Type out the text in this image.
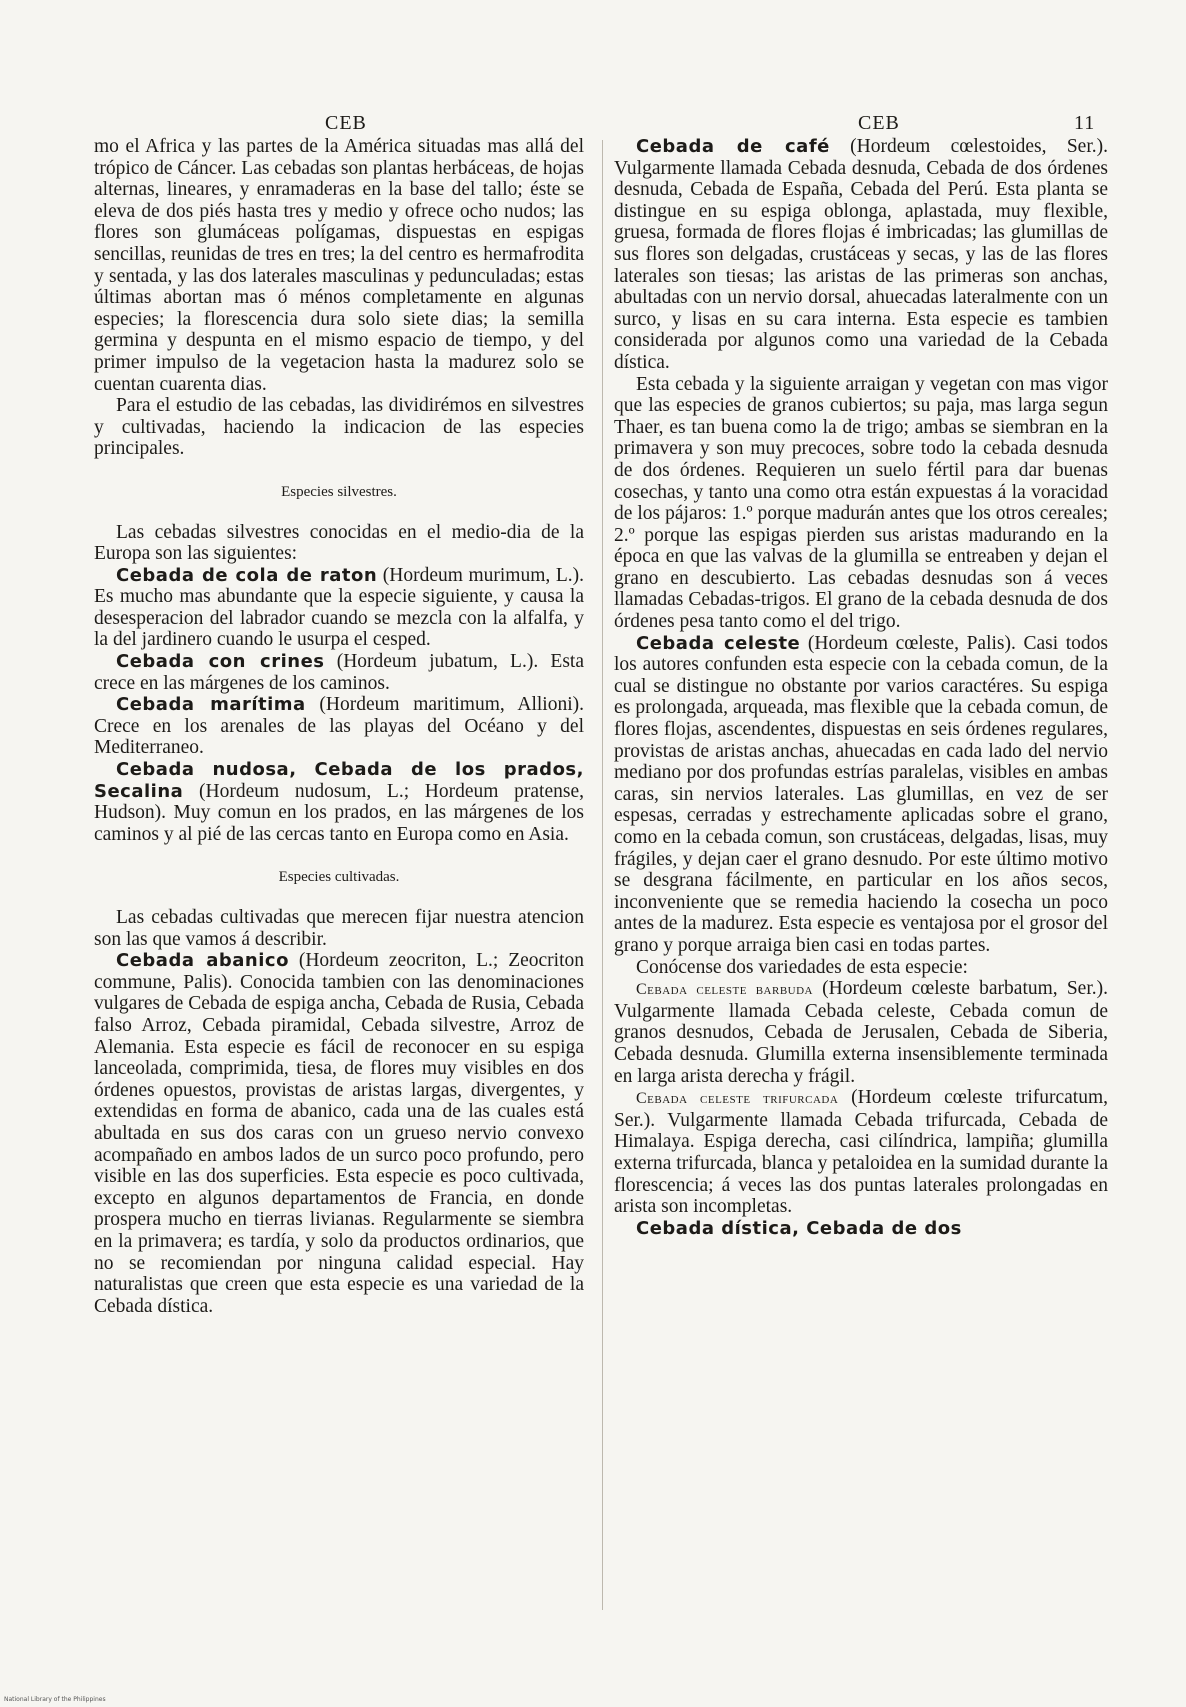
CEB	CEB	11

mo el Africa y las partes de la América situadas mas allá del trópico de Cáncer. Las cebadas son plantas herbáceas, de hojas alternas, lineares, y enramaderas en la base del tallo; éste se eleva de dos piés hasta tres y medio y ofrece ocho nudos; las flores son glumáceas polígamas, dispuestas en espigas sencillas, reunidas de tres en tres; la del centro es hermafrodita y sentada, y las dos laterales masculinas y pedunculadas; estas últimas abortan mas ó ménos completamente en algunas especies; la florescencia dura solo siete dias; la semilla germina y despunta en el mismo espacio de tiempo, y del primer impulso de la vegetacion hasta la madurez solo se cuentan cuarenta dias.

Para el estudio de las cebadas, las dividirémos en silvestres y cultivadas, haciendo la indicacion de las especies principales.

Especies silvestres.

Las cebadas silvestres conocidas en el medio-dia de la Europa son las siguientes:

Cebada de cola de raton (Hordeum murimum, L.). Es mucho mas abundante que la especie siguiente, y causa la desesperacion del labrador cuando se mezcla con la alfalfa, y la del jardinero cuando le usurpa el cesped.

Cebada con crines (Hordeum jubatum, L.). Esta crece en las márgenes de los caminos.

Cebada marítima (Hordeum maritimum, Allioni). Crece en los arenales de las playas del Océano y del Mediterraneo.

Cebada nudosa, Cebada de los prados, Secalina (Hordeum nudosum, L.; Hordeum pratense, Hudson). Muy comun en los prados, en las márgenes de los caminos y al pié de las cercas tanto en Europa como en Asia.

Especies cultivadas.

Las cebadas cultivadas que merecen fijar nuestra atencion son las que vamos á describir.

Cebada abanico (Hordeum zeocriton, L.; Zeocriton commune, Palis). Conocida tambien con las denominaciones vulgares de Cebada de espiga ancha, Cebada de Rusia, Cebada falso Arroz, Cebada piramidal, Cebada silvestre, Arroz de Alemania. Esta especie es fácil de reconocer en su espiga lanceolada, comprimida, tiesa, de flores muy visibles en dos órdenes opuestos, provistas de aristas largas, divergentes, y extendidas en forma de abanico, cada una de las cuales está abultada en sus dos caras con un grueso nervio convexo acompañado en ambos lados de un surco poco profundo, pero visible en las dos superficies. Esta especie es poco cultivada, excepto en algunos departamentos de Francia, en donde prospera mucho en tierras livianas. Regularmente se siembra en la primavera; es tardía, y solo da productos ordinarios, que no se recomiendan por ninguna calidad especial. Hay naturalistas que creen que esta especie es una variedad de la Cebada dística.

Cebada de café (Hordeum cœlestoides, Ser.). Vulgarmente llamada Cebada desnuda, Cebada de dos órdenes desnuda, Cebada de España, Cebada del Perú. Esta planta se distingue en su espiga oblonga, aplastada, muy flexible, gruesa, formada de flores flojas é imbricadas; las glumillas de sus flores son delgadas, crustáceas y secas, y las de las flores laterales son tiesas; las aristas de las primeras son anchas, abultadas con un nervio dorsal, ahuecadas lateralmente con un surco, y lisas en su cara interna. Esta especie es tambien considerada por algunos como una variedad de la Cebada dística.

Esta cebada y la siguiente arraigan y vegetan con mas vigor que las especies de granos cubiertos; su paja, mas larga segun Thaer, es tan buena como la de trigo; ambas se siembran en la primavera y son muy precoces, sobre todo la cebada desnuda de dos órdenes. Requieren un suelo fértil para dar buenas cosechas, y tanto una como otra están expuestas á la voracidad de los pájaros: 1.º porque madurán antes que los otros cereales; 2.º porque las espigas pierden sus aristas madurando en la época en que las valvas de la glumilla se entreaben y dejan el grano en descubierto. Las cebadas desnudas son á veces llamadas Cebadas-trigos. El grano de la cebada desnuda de dos órdenes pesa tanto como el del trigo.

Cebada celeste (Hordeum cœleste, Palis). Casi todos los autores confunden esta especie con la cebada comun, de la cual se distingue no obstante por varios caractéres. Su espiga es prolongada, arqueada, mas flexible que la cebada comun, de flores flojas, ascendentes, dispuestas en seis órdenes regulares, provistas de aristas anchas, ahuecadas en cada lado del nervio mediano por dos profundas estrías paralelas, visibles en ambas caras, sin nervios laterales. Las glumillas, en vez de ser espesas, cerradas y estrechamente aplicadas sobre el grano, como en la cebada comun, son crustáceas, delgadas, lisas, muy frágiles, y dejan caer el grano desnudo. Por este último motivo se desgrana fácilmente, en particular en los años secos, inconveniente que se remedia haciendo la cosecha un poco antes de la madurez. Esta especie es ventajosa por el grosor del grano y porque arraiga bien casi en todas partes.

Conócense dos variedades de esta especie:

Cebada celeste barbuda (Hordeum cœleste barbatum, Ser.). Vulgarmente llamada Cebada celeste, Cebada comun de granos desnudos, Cebada de Jerusalen, Cebada de Siberia, Cebada desnuda. Glumilla externa insensiblemente terminada en larga arista derecha y frágil.

Cebada celeste trifurcada (Hordeum cœleste trifurcatum, Ser.). Vulgarmente llamada Cebada trifurcada, Cebada de Himalaya. Espiga derecha, casi cilíndrica, lampiña; glumilla externa trifurcada, blanca y petaloidea en la sumidad durante la florescencia; á veces las dos puntas laterales prolongadas en arista son incompletas.

Cebada dística, Cebada de dos

National Library of the Philippines
